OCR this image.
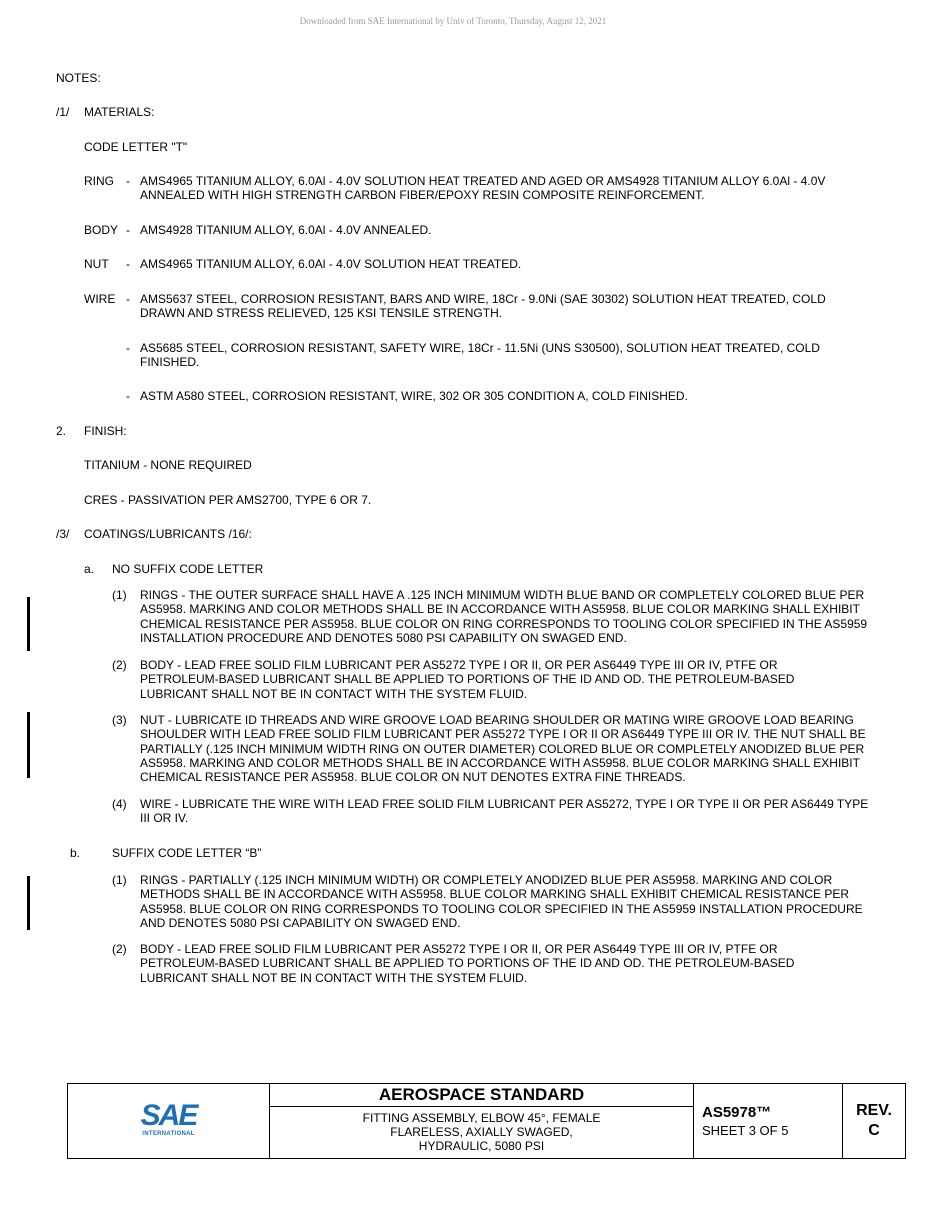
Downloaded from SAE International by Univ of Toronto, Thursday, August 12, 2021
NOTES:
/1/ MATERIALS:
CODE LETTER "T"
RING - AMS4965 TITANIUM ALLOY, 6.0Al - 4.0V SOLUTION HEAT TREATED AND AGED OR AMS4928 TITANIUM ALLOY 6.0Al - 4.0V ANNEALED WITH HIGH STRENGTH CARBON FIBER/EPOXY RESIN COMPOSITE REINFORCEMENT.
BODY - AMS4928 TITANIUM ALLOY, 6.0Al - 4.0V ANNEALED.
NUT - AMS4965 TITANIUM ALLOY, 6.0Al - 4.0V SOLUTION HEAT TREATED.
WIRE - AMS5637 STEEL, CORROSION RESISTANT, BARS AND WIRE, 18Cr - 9.0Ni (SAE 30302) SOLUTION HEAT TREATED, COLD DRAWN AND STRESS RELIEVED, 125 KSI TENSILE STRENGTH.
- AS5685 STEEL, CORROSION RESISTANT, SAFETY WIRE, 18Cr - 11.5Ni (UNS S30500), SOLUTION HEAT TREATED, COLD FINISHED.
- ASTM A580 STEEL, CORROSION RESISTANT, WIRE, 302 OR 305 CONDITION A, COLD FINISHED.
2. FINISH:
TITANIUM - NONE REQUIRED
CRES - PASSIVATION PER AMS2700, TYPE 6 OR 7.
/3/ COATINGS/LUBRICANTS /16/:
a. NO SUFFIX CODE LETTER
(1) RINGS - THE OUTER SURFACE SHALL HAVE A .125 INCH MINIMUM WIDTH BLUE BAND OR COMPLETELY COLORED BLUE PER AS5958. MARKING AND COLOR METHODS SHALL BE IN ACCORDANCE WITH AS5958. BLUE COLOR MARKING SHALL EXHIBIT CHEMICAL RESISTANCE PER AS5958. BLUE COLOR ON RING CORRESPONDS TO TOOLING COLOR SPECIFIED IN THE AS5959 INSTALLATION PROCEDURE AND DENOTES 5080 PSI CAPABILITY ON SWAGED END.
(2) BODY - LEAD FREE SOLID FILM LUBRICANT PER AS5272 TYPE I OR II, OR PER AS6449 TYPE III OR IV, PTFE OR PETROLEUM-BASED LUBRICANT SHALL BE APPLIED TO PORTIONS OF THE ID AND OD. THE PETROLEUM-BASED LUBRICANT SHALL NOT BE IN CONTACT WITH THE SYSTEM FLUID.
(3) NUT - LUBRICATE ID THREADS AND WIRE GROOVE LOAD BEARING SHOULDER OR MATING WIRE GROOVE LOAD BEARING SHOULDER WITH LEAD FREE SOLID FILM LUBRICANT PER AS5272 TYPE I OR II OR AS6449 TYPE III OR IV. THE NUT SHALL BE PARTIALLY (.125 INCH MINIMUM WIDTH RING ON OUTER DIAMETER) COLORED BLUE OR COMPLETELY ANODIZED BLUE PER AS5958. MARKING AND COLOR METHODS SHALL BE IN ACCORDANCE WITH AS5958. BLUE COLOR MARKING SHALL EXHIBIT CHEMICAL RESISTANCE PER AS5958. BLUE COLOR ON NUT DENOTES EXTRA FINE THREADS.
(4) WIRE - LUBRICATE THE WIRE WITH LEAD FREE SOLID FILM LUBRICANT PER AS5272, TYPE I OR TYPE II OR PER AS6449 TYPE III OR IV.
b.	SUFFIX CODE LETTER “B”
(1) RINGS - PARTIALLY (.125 INCH MINIMUM WIDTH) OR COMPLETELY ANODIZED BLUE PER AS5958. MARKING AND COLOR METHODS SHALL BE IN ACCORDANCE WITH AS5958. BLUE COLOR MARKING SHALL EXHIBIT CHEMICAL RESISTANCE PER AS5958. BLUE COLOR ON RING CORRESPONDS TO TOOLING COLOR SPECIFIED IN THE AS5959 INSTALLATION PROCEDURE AND DENOTES 5080 PSI CAPABILITY ON SWAGED END.
(2) BODY - LEAD FREE SOLID FILM LUBRICANT PER AS5272 TYPE I OR II, OR PER AS6449 TYPE III OR IV, PTFE OR PETROLEUM-BASED LUBRICANT SHALL BE APPLIED TO PORTIONS OF THE ID AND OD. THE PETROLEUM-BASED LUBRICANT SHALL NOT BE IN CONTACT WITH THE SYSTEM FLUID.
SAE
INTERNATIONAL

AEROSPACE STANDARD
FITTING ASSEMBLY, ELBOW 45°, FEMALE
FLARELESS, AXIALLY SWAGED,
HYDRAULIC, 5080 PSI

AS5978™
SHEET 3 OF 5

REV.
C
